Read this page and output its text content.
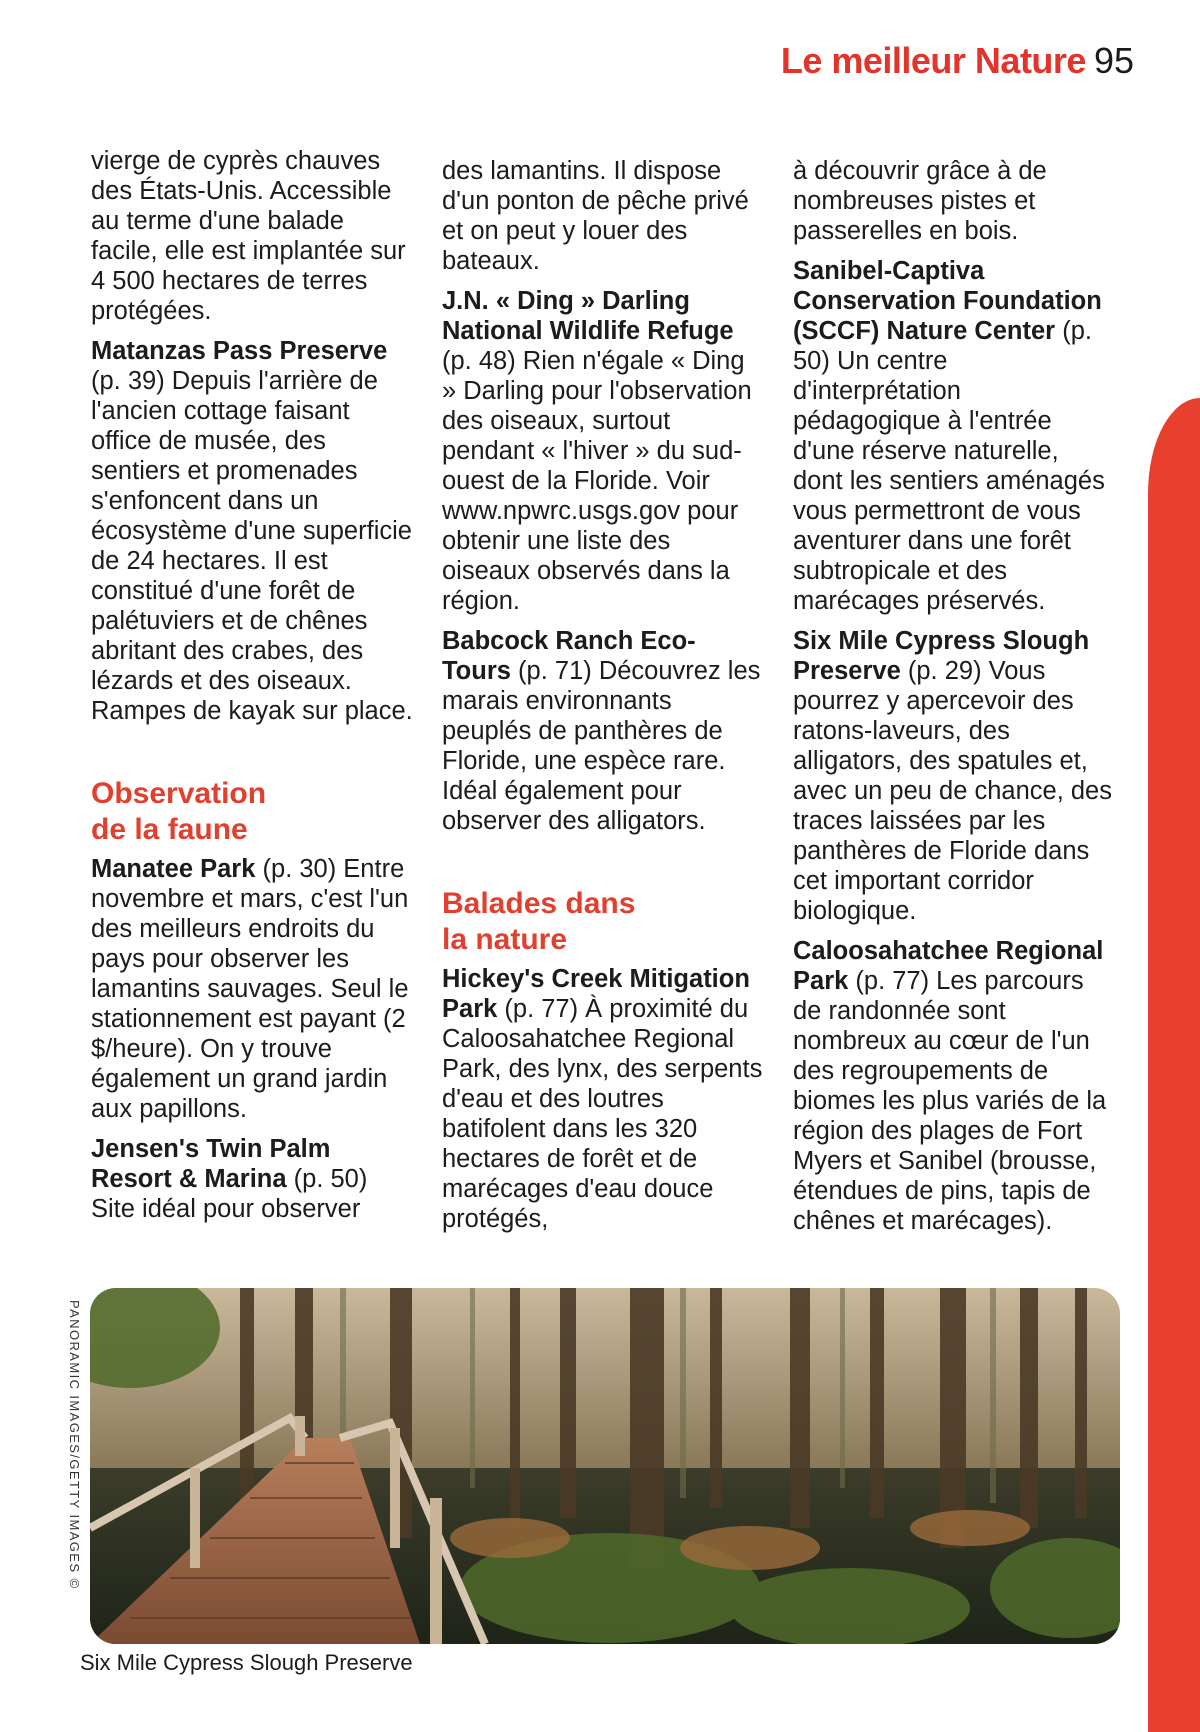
Le meilleur Nature 95

vierge de cyprès chauves des États-Unis. Accessible au terme d'une balade facile, elle est implantée sur 4 500 hectares de terres protégées.

Matanzas Pass Preserve (p. 39) Depuis l'arrière de l'ancien cottage faisant office de musée, des sentiers et promenades s'enfoncent dans un écosystème d'une superficie de 24 hectares. Il est constitué d'une forêt de palétuviers et de chênes abritant des crabes, des lézards et des oiseaux. Rampes de kayak sur place.

Observation
de la faune

Manatee Park (p. 30) Entre novembre et mars, c'est l'un des meilleurs endroits du pays pour observer les lamantins sauvages. Seul le stationnement est payant (2 $/heure). On y trouve également un grand jardin aux papillons.

Jensen's Twin Palm Resort & Marina (p. 50) Site idéal pour observer

des lamantins. Il dispose d'un ponton de pêche privé et on peut y louer des bateaux.

J.N. « Ding » Darling National Wildlife Refuge (p. 48) Rien n'égale « Ding » Darling pour l'observation des oiseaux, surtout pendant « l'hiver » du sud-ouest de la Floride. Voir www.npwrc.usgs.gov pour obtenir une liste des oiseaux observés dans la région.

Babcock Ranch Eco-Tours (p. 71) Découvrez les marais environnants peuplés de panthères de Floride, une espèce rare. Idéal également pour observer des alligators.

Balades dans
la nature

Hickey's Creek Mitigation Park (p. 77) À proximité du Caloosahatchee Regional Park, des lynx, des serpents d'eau et des loutres batifolent dans les 320 hectares de forêt et de marécages d'eau douce protégés,

à découvrir grâce à de nombreuses pistes et passerelles en bois.

Sanibel-Captiva Conservation Foundation (SCCF) Nature Center (p. 50) Un centre d'interprétation pédagogique à l'entrée d'une réserve naturelle, dont les sentiers aménagés vous permettront de vous aventurer dans une forêt subtropicale et des marécages préservés.

Six Mile Cypress Slough Preserve (p. 29) Vous pourrez y apercevoir des ratons-laveurs, des alligators, des spatules et, avec un peu de chance, des traces laissées par les panthères de Floride dans cet important corridor biologique.

Caloosahatchee Regional Park (p. 77) Les parcours de randonnée sont nombreux au cœur de l'un des regroupements de biomes les plus variés de la région des plages de Fort Myers et Sanibel (brousse, étendues de pins, tapis de chênes et marécages).

PANORAMIC IMAGES/GETTY IMAGES ©
Six Mile Cypress Slough Preserve
